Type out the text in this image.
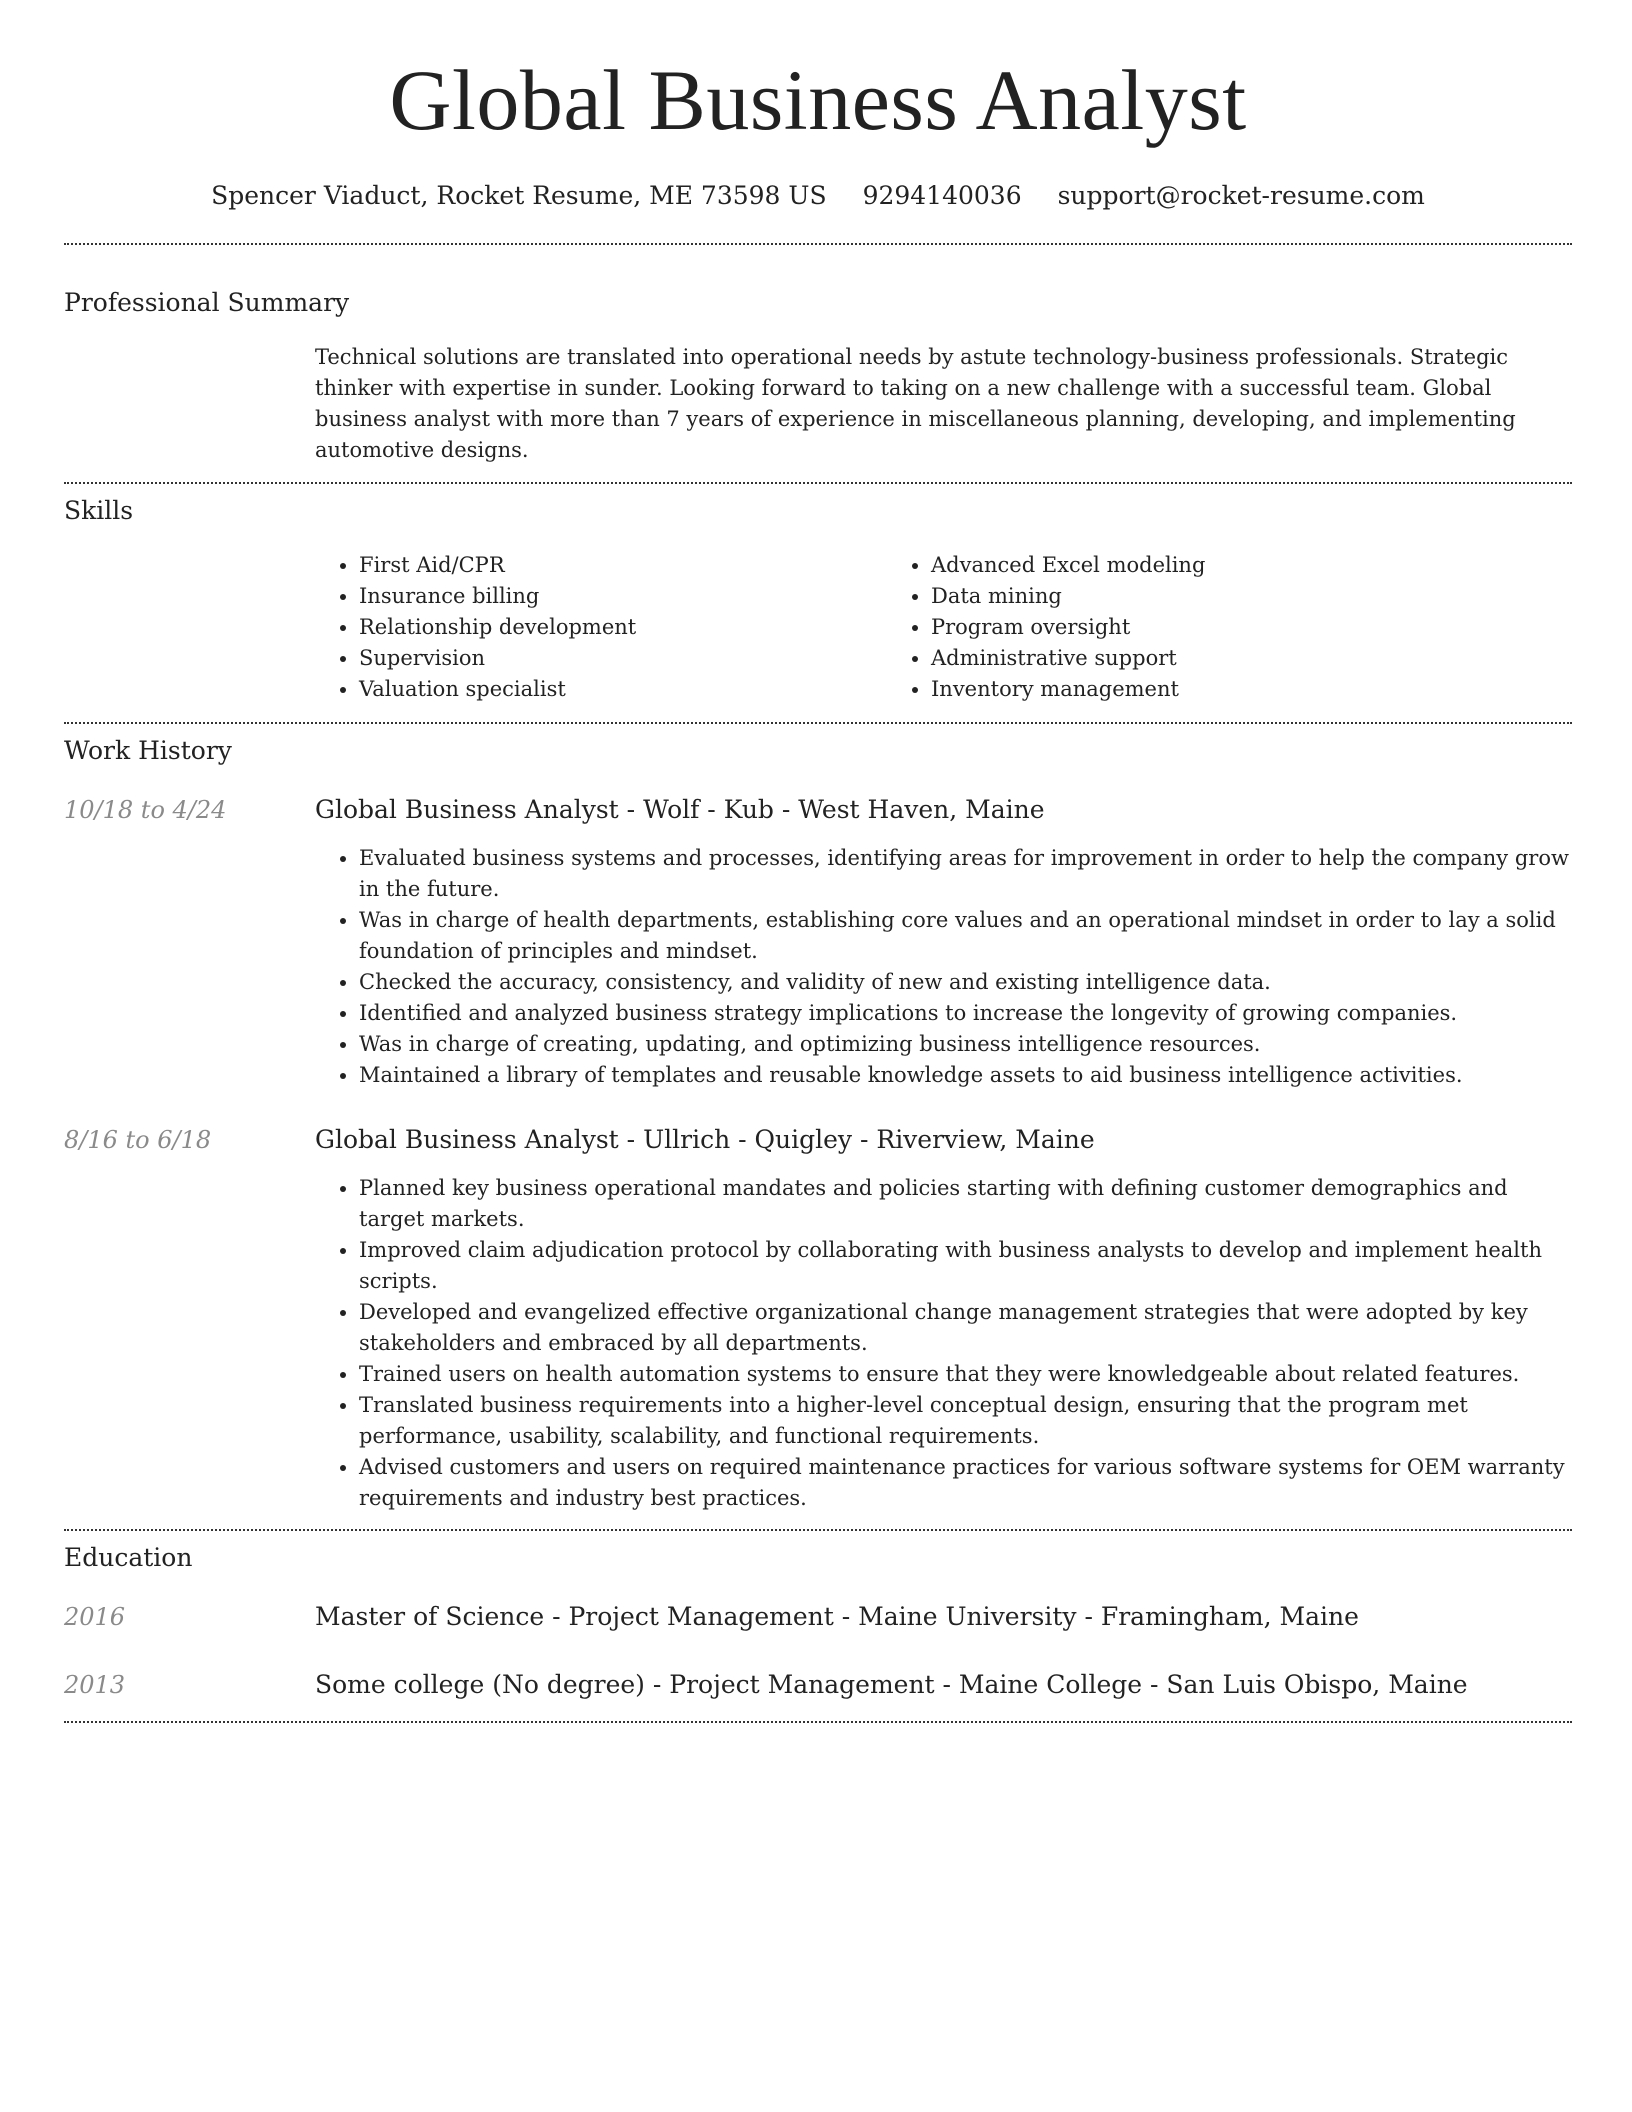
Global Business Analyst
Spencer Viaduct, Rocket Resume, ME 73598 US 9294140036 support@rocket-resume.com
Professional Summary

Technical solutions are translated into operational needs by astute technology-business professionals. Strategic thinker with expertise in sunder. Looking forward to taking on a new challenge with a successful team. Global business analyst with more than 7 years of experience in miscellaneous planning, developing, and implementing automotive designs.

Skills
• First Aid/CPR
• Insurance billing
• Relationship development
• Supervision
• Valuation specialist
• Advanced Excel modeling
• Data mining
• Program oversight
• Administrative support
• Inventory management
Work History
10/18 to 4/24	Global Business Analyst - Wolf - Kub - West Haven, Maine
• Evaluated business systems and processes, identifying areas for improvement in order to help the company grow in the future.
• Was in charge of health departments, establishing core values and an operational mindset in order to lay a solid foundation of principles and mindset.
• Checked the accuracy, consistency, and validity of new and existing intelligence data.
• Identified and analyzed business strategy implications to increase the longevity of growing companies.
• Was in charge of creating, updating, and optimizing business intelligence resources.
• Maintained a library of templates and reusable knowledge assets to aid business intelligence activities.
8/16 to 6/18	Global Business Analyst - Ullrich - Quigley - Riverview, Maine
• Planned key business operational mandates and policies starting with defining customer demographics and target markets.
• Improved claim adjudication protocol by collaborating with business analysts to develop and implement health scripts.
• Developed and evangelized effective organizational change management strategies that were adopted by key stakeholders and embraced by all departments.
• Trained users on health automation systems to ensure that they were knowledgeable about related features.
• Translated business requirements into a higher-level conceptual design, ensuring that the program met performance, usability, scalability, and functional requirements.
• Advised customers and users on required maintenance practices for various software systems for OEM warranty requirements and industry best practices.
Education
2016	Master of Science - Project Management - Maine University - Framingham, Maine
2013	Some college (No degree) - Project Management - Maine College - San Luis Obispo, Maine
